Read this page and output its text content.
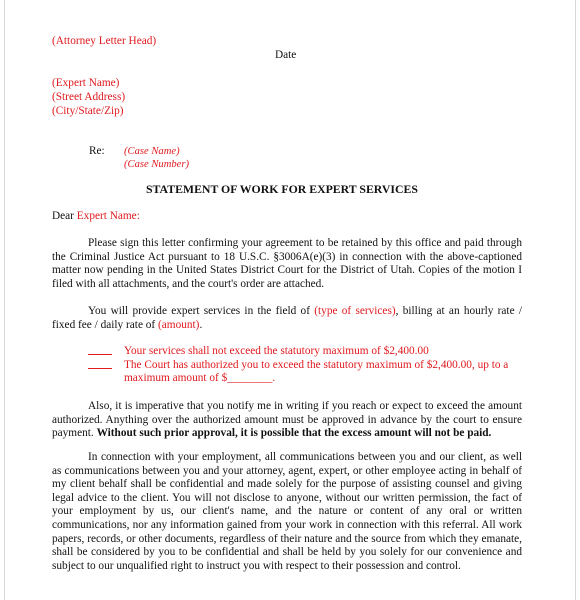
(Attorney Letter Head)
Date
(Expert Name)
(Street Address)
(City/State/Zip)
Re: (Case Name)
(Case Number)
STATEMENT OF WORK FOR EXPERT SERVICES
Dear Expert Name:
Please sign this letter confirming your agreement to be retained by this office and paid through the Criminal Justice Act pursuant to 18 U.S.C. §3006A(e)(3) in connection with the above-captioned matter now pending in the United States District Court for the District of Utah. Copies of the motion I filed with all attachments, and the court's order are attached.
You will provide expert services in the field of (type of services), billing at an hourly rate / fixed fee / daily rate of (amount).
Your services shall not exceed the statutory maximum of $2,400.00
The Court has authorized you to exceed the statutory maximum of $2,400.00, up to a maximum amount of $________.
Also, it is imperative that you notify me in writing if you reach or expect to exceed the amount authorized. Anything over the authorized amount must be approved in advance by the court to ensure payment. Without such prior approval, it is possible that the excess amount will not be paid.
In connection with your employment, all communications between you and our client, as well as communications between you and your attorney, agent, expert, or other employee acting in behalf of my client behalf shall be confidential and made solely for the purpose of assisting counsel and giving legal advice to the client. You will not disclose to anyone, without our written permission, the fact of your employment by us, our client's name, and the nature or content of any oral or written communications, nor any information gained from your work in connection with this referral. All work papers, records, or other documents, regardless of their nature and the source from which they emanate, shall be considered by you to be confidential and shall be held by you solely for our convenience and subject to our unqualified right to instruct you with respect to their possession and control.
